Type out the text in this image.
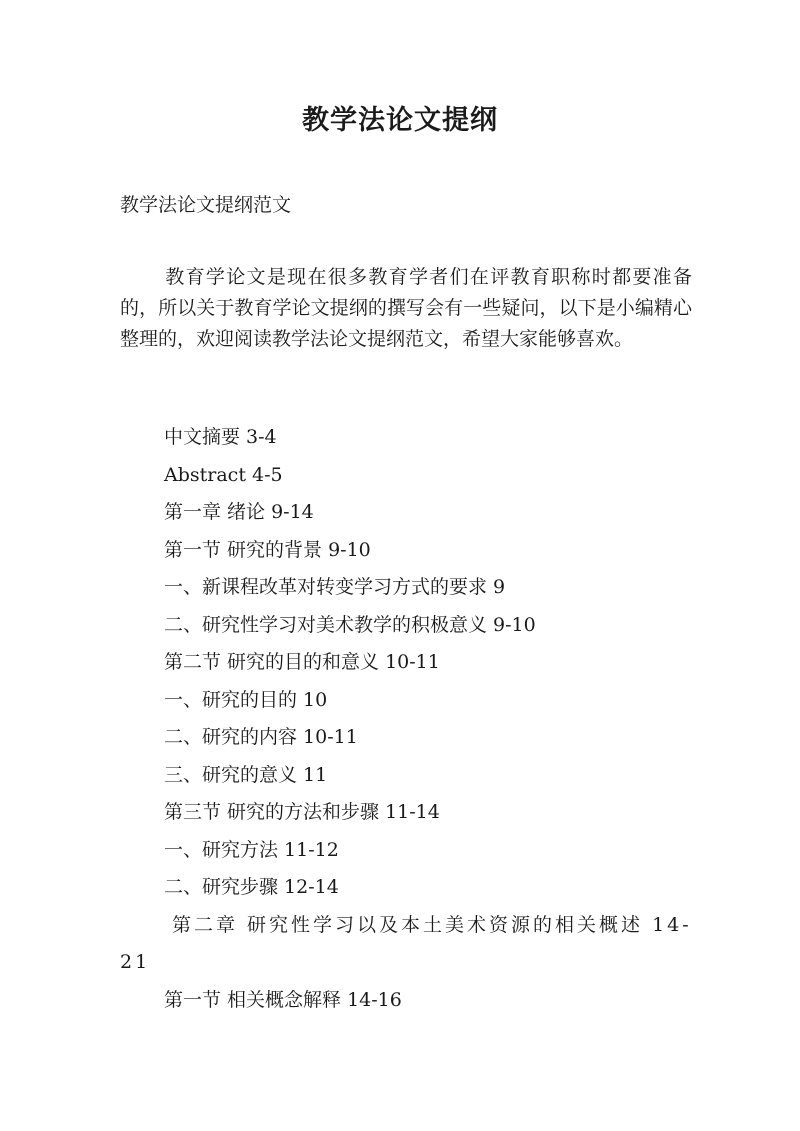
教学法论文提纲

教学法论文提纲范文

教育学论文是现在很多教育学者们在评教育职称时都要准备的，所以关于教育学论文提纲的撰写会有一些疑问，以下是小编精心整理的，欢迎阅读教学法论文提纲范文，希望大家能够喜欢。

中文摘要 3-4
Abstract 4-5
第一章 绪论 9-14
第一节 研究的背景 9-10
一、新课程改革对转变学习方式的要求 9
二、研究性学习对美术教学的积极意义 9-10
第二节 研究的目的和意义 10-11
一、研究的目的 10
二、研究的内容 10-11
三、研究的意义 11
第三节 研究的方法和步骤 11-14
一、研究方法 11-12
二、研究步骤 12-14
第二章 研究性学习以及本土美术资源的相关概述 14-21
第一节 相关概念解释 14-16
